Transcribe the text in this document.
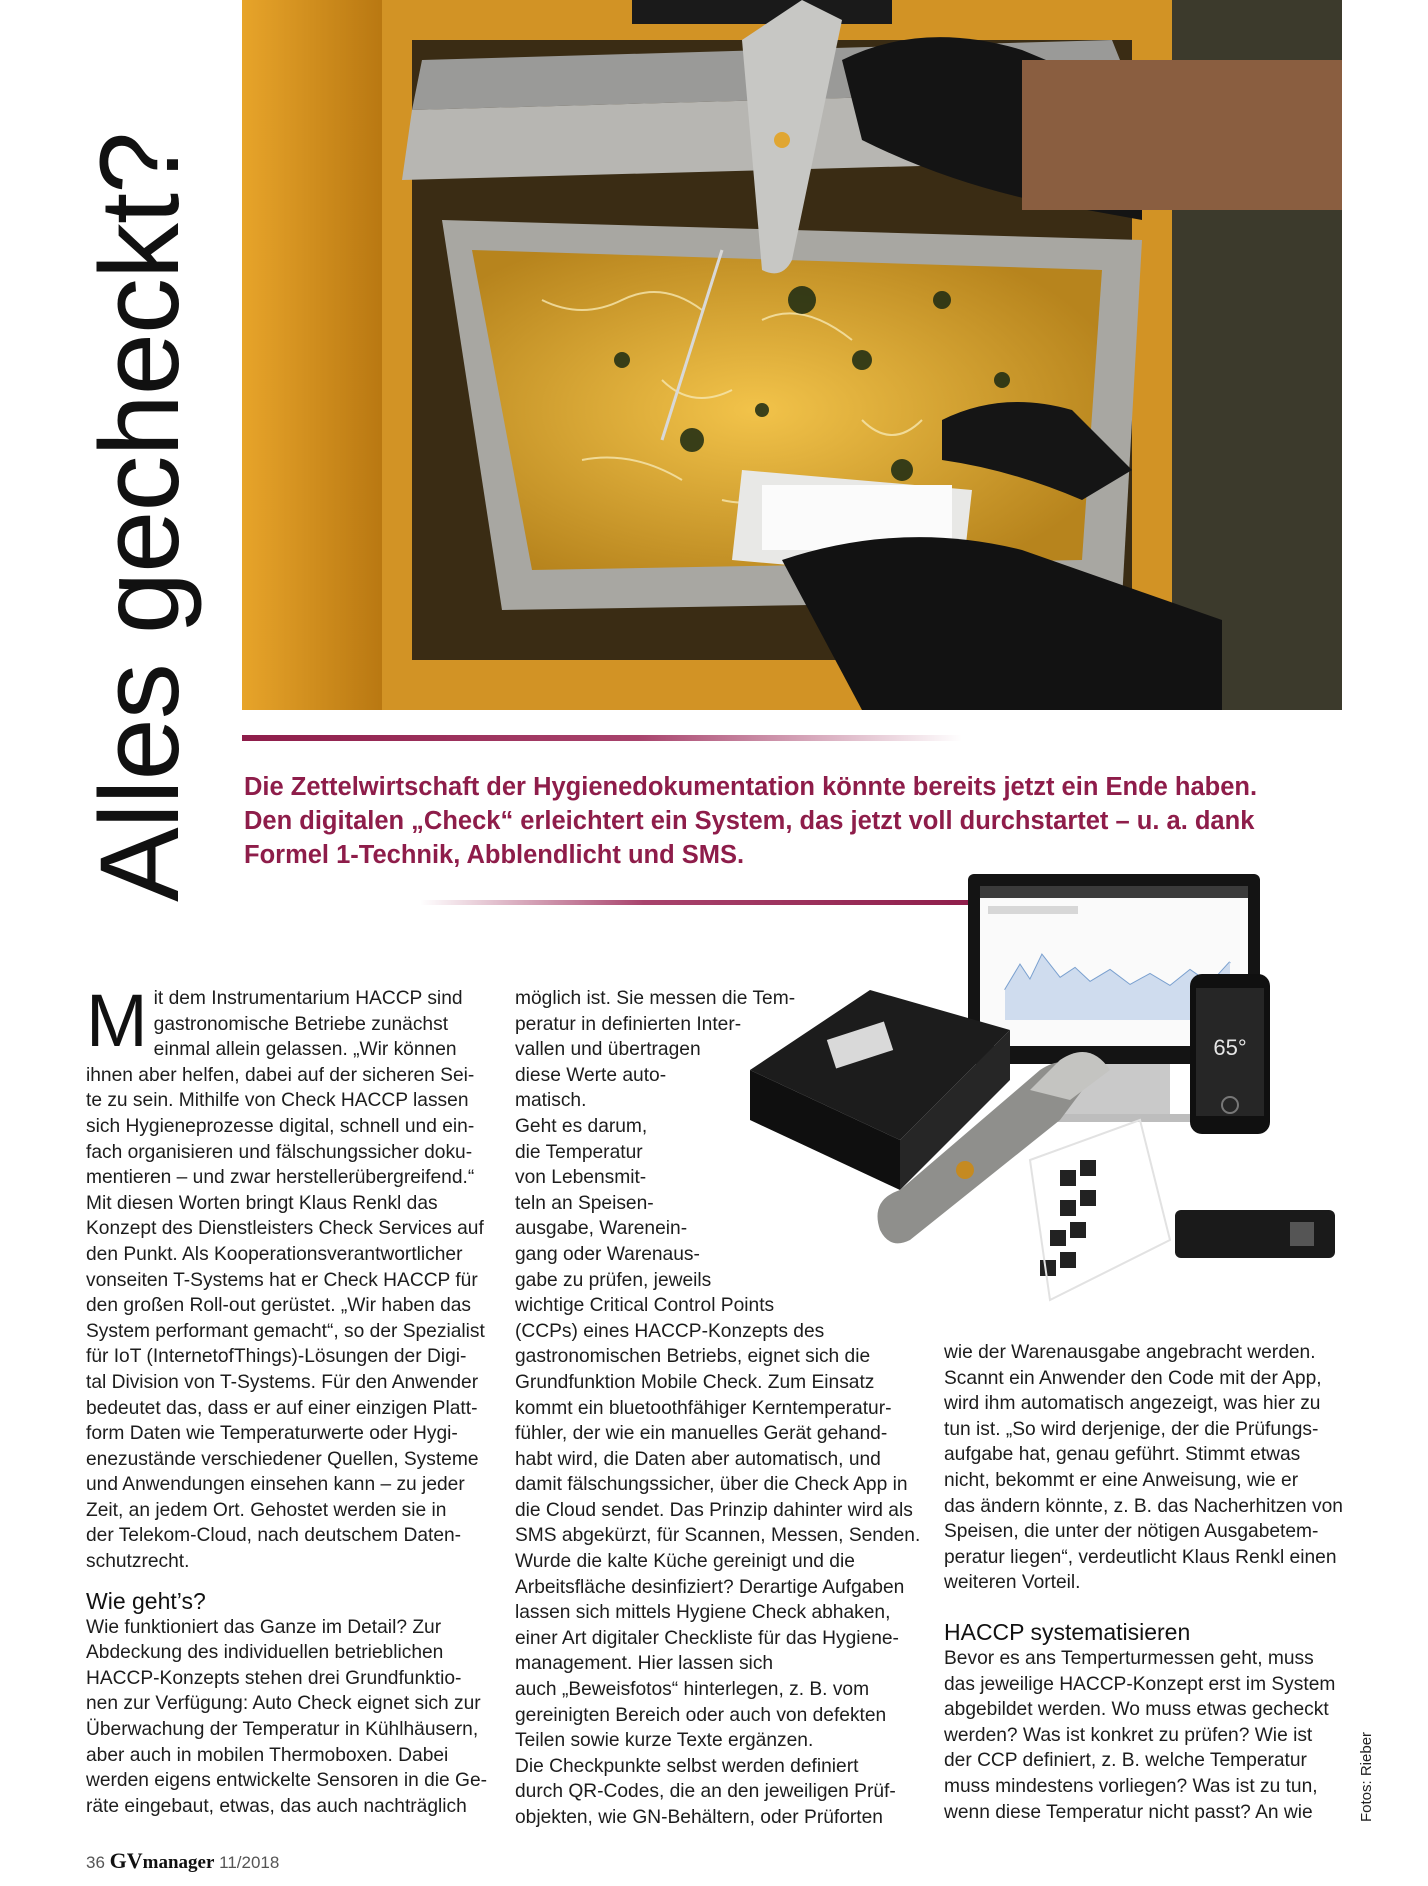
Alles gecheckt? Die Zettelwirtschaft der Hygienedokumentation könnte bereits jetzt ein Ende haben.
Den digitalen „Check“ erleichtert ein System, das jetzt voll durchstartet – u. a. dank
Formel 1-Technik, Abblendlicht und SMS.
65°

M it dem Instrumentarium HACCP sind
gastronomische Betriebe zunächst
einmal allein gelassen. „Wir können
ihnen aber helfen, dabei auf der sicheren Sei-
te zu sein. Mithilfe von Check HACCP lassen
sich Hygieneprozesse digital, schnell und ein-
fach organisieren und fälschungssicher doku-
mentieren – und zwar herstellerübergreifend.“
Mit diesen Worten bringt Klaus Renkl das
Konzept des Dienstleisters Check Services auf
den Punkt. Als Kooperationsverantwortlicher
vonseiten T-Systems hat er Check HACCP für
den großen Roll-out gerüstet. „Wir haben das
System performant gemacht“, so der Spezialist
für IoT (InternetofThings)-Lösungen der Digi-
tal Division von T-Systems. Für den Anwender
bedeutet das, dass er auf einer einzigen Platt-
form Daten wie Temperaturwerte oder Hygi-
enezustände verschiedener Quellen, Systeme
und Anwendungen einsehen kann – zu jeder
Zeit, an jedem Ort. Gehostet werden sie in
der Telekom-Cloud, nach deutschem Daten-
schutzrecht.

Wie geht’s?

Wie funktioniert das Ganze im Detail? Zur
Abdeckung des individuellen betrieblichen
HACCP-Konzepts stehen drei Grundfunktio-
nen zur Verfügung: Auto Check eignet sich zur
Überwachung der Temperatur in Kühlhäusern,
aber auch in mobilen Thermoboxen. Dabei
werden eigens entwickelte Sensoren in die Ge-
räte eingebaut, etwas, das auch nachträglich

möglich ist. Sie messen die Tem-
peratur in definierten Inter-
vallen und übertragen
diese Werte auto-
matisch.
Geht es darum,
die Temperatur
von Lebensmit-
teln an Speisen-
ausgabe, Warenein-
gang oder Warenaus-
gabe zu prüfen, jeweils
wichtige Critical Control Points
(CCPs) eines HACCP-Konzepts des
gastronomischen Betriebs, eignet sich die
Grundfunktion Mobile Check. Zum Einsatz
kommt ein bluetoothfähiger Kerntemperatur-
fühler, der wie ein manuelles Gerät gehand-
habt wird, die Daten aber automatisch, und
damit fälschungssicher, über die Check App in
die Cloud sendet. Das Prinzip dahinter wird als
SMS abgekürzt, für Scannen, Messen, Senden.
Wurde die kalte Küche gereinigt und die
Arbeitsfläche desinfiziert? Derartige Aufgaben
lassen sich mittels Hygiene Check abhaken,
einer Art digitaler Checkliste für das Hygiene-
management. Hier lassen sich
auch „Beweisfotos“ hinterlegen, z. B. vom
gereinigten Bereich oder auch von defekten
Teilen sowie kurze Texte ergänzen.
Die Checkpunkte selbst werden definiert
durch QR-Codes, die an den jeweiligen Prüf-
objekten, wie GN-Behältern, oder Prüforten

wie der Warenausgabe angebracht werden.
Scannt ein Anwender den Code mit der App,
wird ihm automatisch angezeigt, was hier zu
tun ist. „So wird derjenige, der die Prüfungs-
aufgabe hat, genau geführt. Stimmt etwas
nicht, bekommt er eine Anweisung, wie er
das ändern könnte, z. B. das Nacherhitzen von
Speisen, die unter der nötigen Ausgabetem-
peratur liegen“, verdeutlicht Klaus Renkl einen
weiteren Vorteil.

HACCP systematisieren

Bevor es ans Temperturmessen geht, muss
das jeweilige HACCP-Konzept erst im System
abgebildet werden. Wo muss etwas gecheckt
werden? Was ist konkret zu prüfen? Wie ist
der CCP definiert, z. B. welche Temperatur
muss mindestens vorliegen? Was ist zu tun,
wenn diese Temperatur nicht passt? An wie	Fotos: Rieber
36 GVmanager 11/2018
